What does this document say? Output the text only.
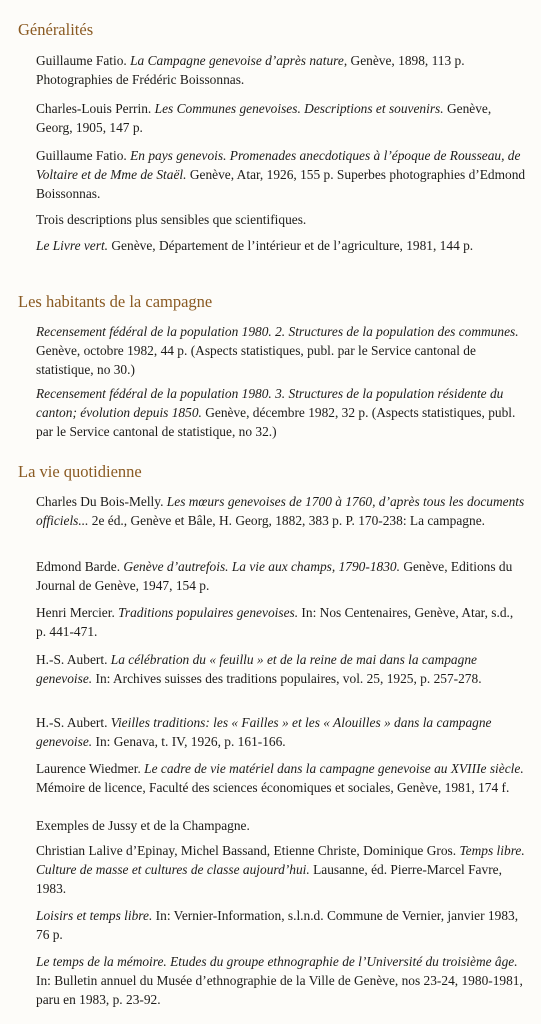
Généralités

Guillaume Fatio. La Campagne genevoise d’après nature, Genève, 1898, 113 p. Photographies de Frédéric Boissonnas.

Charles-Louis Perrin. Les Communes genevoises. Descriptions et souvenirs. Genève, Georg, 1905, 147 p.

Guillaume Fatio. En pays genevois. Promenades anecdotiques à l’époque de Rousseau, de Voltaire et de Mme de Staël. Genève, Atar, 1926, 155 p. Superbes photographies d’Edmond Boissonnas.

Trois descriptions plus sensibles que scientifiques.

Le Livre vert. Genève, Département de l’intérieur et de l’agriculture, 1981, 144 p.

Les habitants de la campagne

Recensement fédéral de la population 1980. 2. Structures de la population des communes. Genève, octobre 1982, 44 p. (Aspects statistiques, publ. par le Service cantonal de statistique, no 30.)

Recensement fédéral de la population 1980. 3. Structures de la population résidente du canton; évolution depuis 1850. Genève, décembre 1982, 32 p. (Aspects statistiques, publ. par le Service cantonal de statistique, no 32.)

La vie quotidienne

Charles Du Bois-Melly. Les mœurs genevoises de 1700 à 1760, d’après tous les documents officiels... 2e éd., Genève et Bâle, H. Georg, 1882, 383 p. P. 170-238: La campagne.

Edmond Barde. Genève d’autrefois. La vie aux champs, 1790-1830. Genève, Editions du Journal de Genève, 1947, 154 p.

Henri Mercier. Traditions populaires genevoises. In: Nos Centenaires, Genève, Atar, s.d., p. 441-471.

H.-S. Aubert. La célébration du « feuillu » et de la reine de mai dans la campagne genevoise. In: Archives suisses des traditions populaires, vol. 25, 1925, p. 257-278.

H.-S. Aubert. Vieilles traditions: les « Failles » et les « Alouilles » dans la campagne genevoise. In: Genava, t. IV, 1926, p. 161-166.

Laurence Wiedmer. Le cadre de vie matériel dans la campagne genevoise au XVIIIe siècle. Mémoire de licence, Faculté des sciences économiques et sociales, Genève, 1981, 174 f.

Exemples de Jussy et de la Champagne.

Christian Lalive d’Epinay, Michel Bassand, Etienne Christe, Dominique Gros. Temps libre. Culture de masse et cultures de classe aujourd’hui. Lausanne, éd. Pierre-Marcel Favre, 1983.

Loisirs et temps libre. In: Vernier-Information, s.l.n.d. Commune de Vernier, janvier 1983, 76 p.

Le temps de la mémoire. Etudes du groupe ethnographie de l’Université du troisième âge. In: Bulletin annuel du Musée d’ethnographie de la Ville de Genève, nos 23-24, 1980-1981, paru en 1983, p. 23-92.
